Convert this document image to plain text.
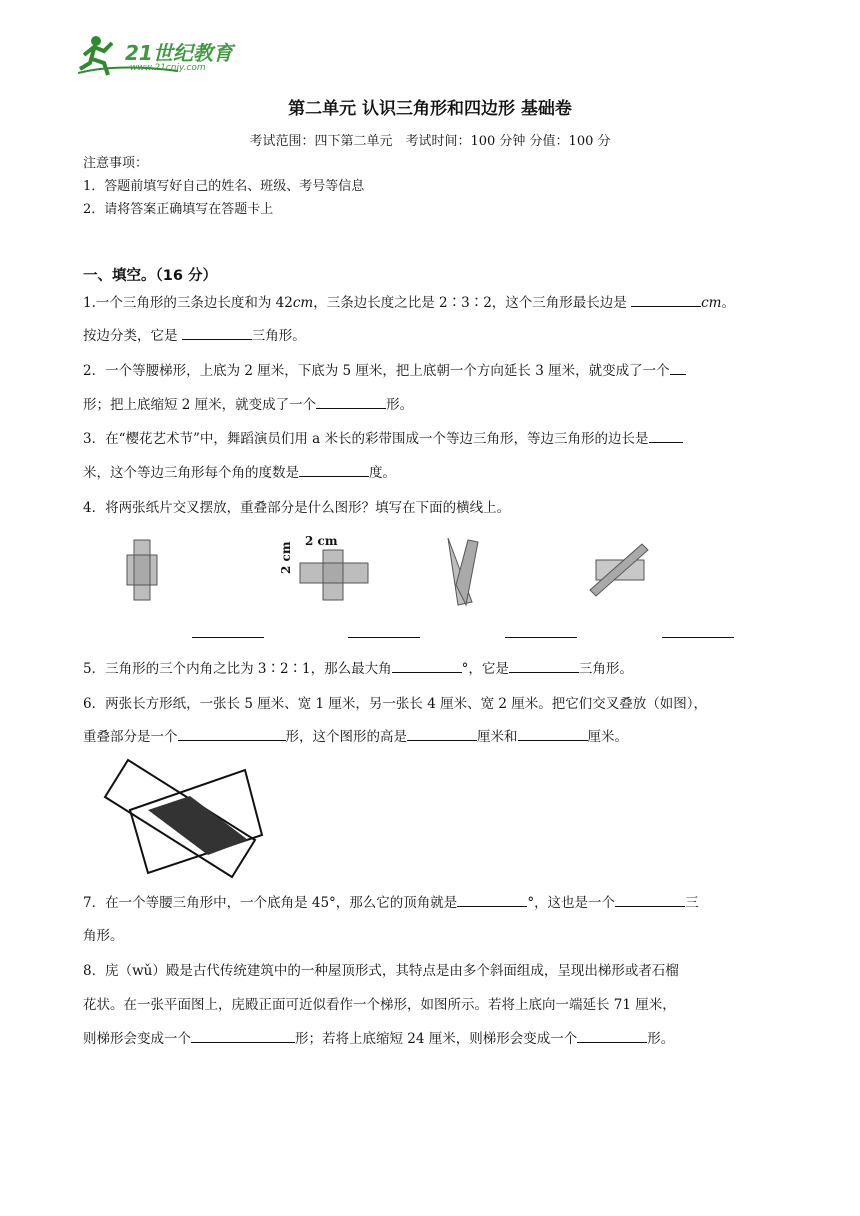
21世纪教育
www.21cnjy.com
第二单元 认识三角形和四边形 基础卷
考试范围：四下第二单元　考试时间：100 分钟 分值：100 分
注意事项：
1．答题前填写好自己的姓名、班级、考号等信息
2．请将答案正确填写在答题卡上
一、填空。（16 分）
1.一个三角形的三条边长度和为 42cm，三条边长度之比是 2∶3∶2，这个三角形最长边是	cm。
按边分类，它是	三角形。
2．一个等腰梯形，上底为 2 厘米，下底为 5 厘米，把上底朝一个方向延长 3 厘米，就变成了一个
形；把上底缩短 2 厘米，就变成了一个	形。
3．在“樱花艺术节”中，舞蹈演员们用 a 米长的彩带围成一个等边三角形，等边三角形的边长是
米，这个等边三角形每个角的度数是	度。
4．将两张纸片交叉摆放，重叠部分是什么图形？填写在下面的横线上。
2 cm
2 cm
5．三角形的三个内角之比为 3∶2∶1，那么最大角	°，它是	三角形。
6．两张长方形纸，一张长 5 厘米、宽 1 厘米，另一张长 4 厘米、宽 2 厘米。把它们交叉叠放（如图），
重叠部分是一个	形，这个图形的高是	厘米和	厘米。
7．在一个等腰三角形中，一个底角是 45°，那么它的顶角就是	°，这也是一个	三
角形。
8．庑（wǔ）殿是古代传统建筑中的一种屋顶形式，其特点是由多个斜面组成，呈现出梯形或者石榴
花状。在一张平面图上，庑殿正面可近似看作一个梯形，如图所示。若将上底向一端延长 71 厘米，
则梯形会变成一个	形；若将上底缩短 24 厘米，则梯形会变成一个	形。
